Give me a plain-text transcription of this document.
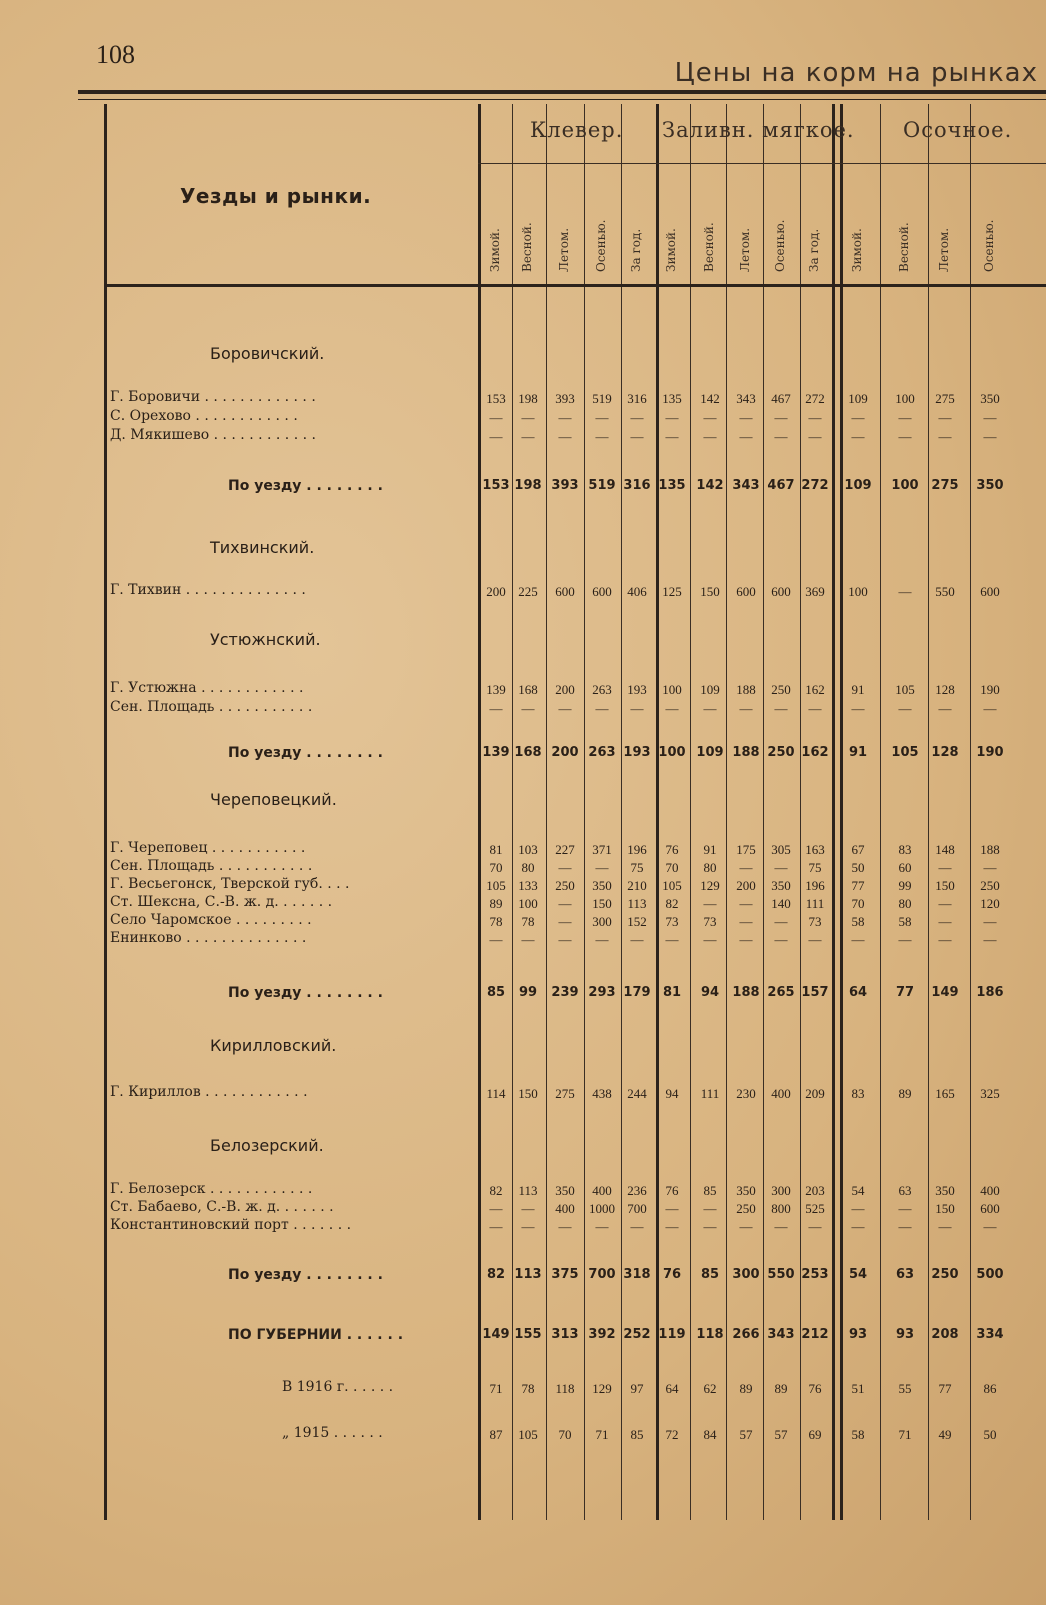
108
Цены на корм на рынках
Уезды и рынки.
Клевер. Заливн. мягкое. Осочное.
Зимой. Весной. Летом. Осенью. За год. Зимой. Весной. Летом. Осенью. За год. Зимой.	Весной. Летом.	Осенью.
Боровичский.
Г. Боровичи . . . . . . . . . . . . .	153 198	393	519	316	135	142	343	467	272	109	100	275	350
С. Орехово . . . . . . . . . . . .	—	—	—	—	—	—	—	—	—	—	—	—	—	—
Д. Мякишево . . . . . . . . . . . .	—	—	—	—	—	—	—	—	—	—	—	—	—	—
По уезду . . . . . . . .	153 198 393 519 316 135 142 343 467 272	109	100 275	350
Тихвинский.
Г. Тихвин . . . . . . . . . . . . . .	200 225	600	600	406	125	150	600	600	369	100	—	550	600
Устюжнский.
Г. Устюжна . . . . . . . . . . . .	139 168	200	263	193	100	109	188	250	162	91	105	128	190
Сен. Площадь . . . . . . . . . . .	—	—	—	—	—	—	—	—	—	—	—	—	—	—
По уезду . . . . . . . .	139 168 200 263 193 100 109 188 250 162	91	105 128	190
Череповецкий.
Г. Череповец . . . . . . . . . . .	81	103	227	371	196	76	91	175	305	163	67	83	148	188
Сен. Площадь . . . . . . . . . . .	70	80	—	—	75	70	80	—	—	75	50	60	—	—
Г. Весьегонск, Тверской губ. . . .	105 133	250	350	210	105	129	200	350	196	77	99	150	250
Ст. Шексна, С.-В. ж. д. . . . . . .	89	100	—	150	113	82	—	—	140	111	70	80	—	120
Село Чаромское . . . . . . . . .	78	78	—	300	152	73	73	—	—	73	58	58	—	—
Енинково . . . . . . . . . . . . . .	—	—	—	—	—	—	—	—	—	—	—	—	—	—
По уезду . . . . . . . .	85	99	239 293 179 81	94	188 265 157	64	77	149	186
Кирилловский.
Г. Кириллов . . . . . . . . . . . .	114 150	275	438	244	94	111	230	400	209	83	89	165	325
Белозерский.
Г. Белозерск . . . . . . . . . . . .	82	113	350	400	236	76	85	350	300	203	54	63	350	400
Ст. Бабаево, С.-В. ж. д. . . . . . .	—	—	400	1000 700	—	—	250	800	525	—	—	150	600
Константиновский порт . . . . . . .	—	—	—	—	—	—	—	—	—	—	—	—	—	—
По уезду . . . . . . . .	82 113 375 700 318 76	85	300 550 253	54	63	250	500
ПО ГУБЕРНИИ . . . . . .	149 155 313 392 252 119 118 266 343 212	93	93	208	334
В 1916 г. . . . . .	71	78	118	129	97	64	62	89	89	76	51	55	77	86
„ 1915 . . . . . .	87	105	70	71	85	72	84	57	57	69	58	71	49	50
